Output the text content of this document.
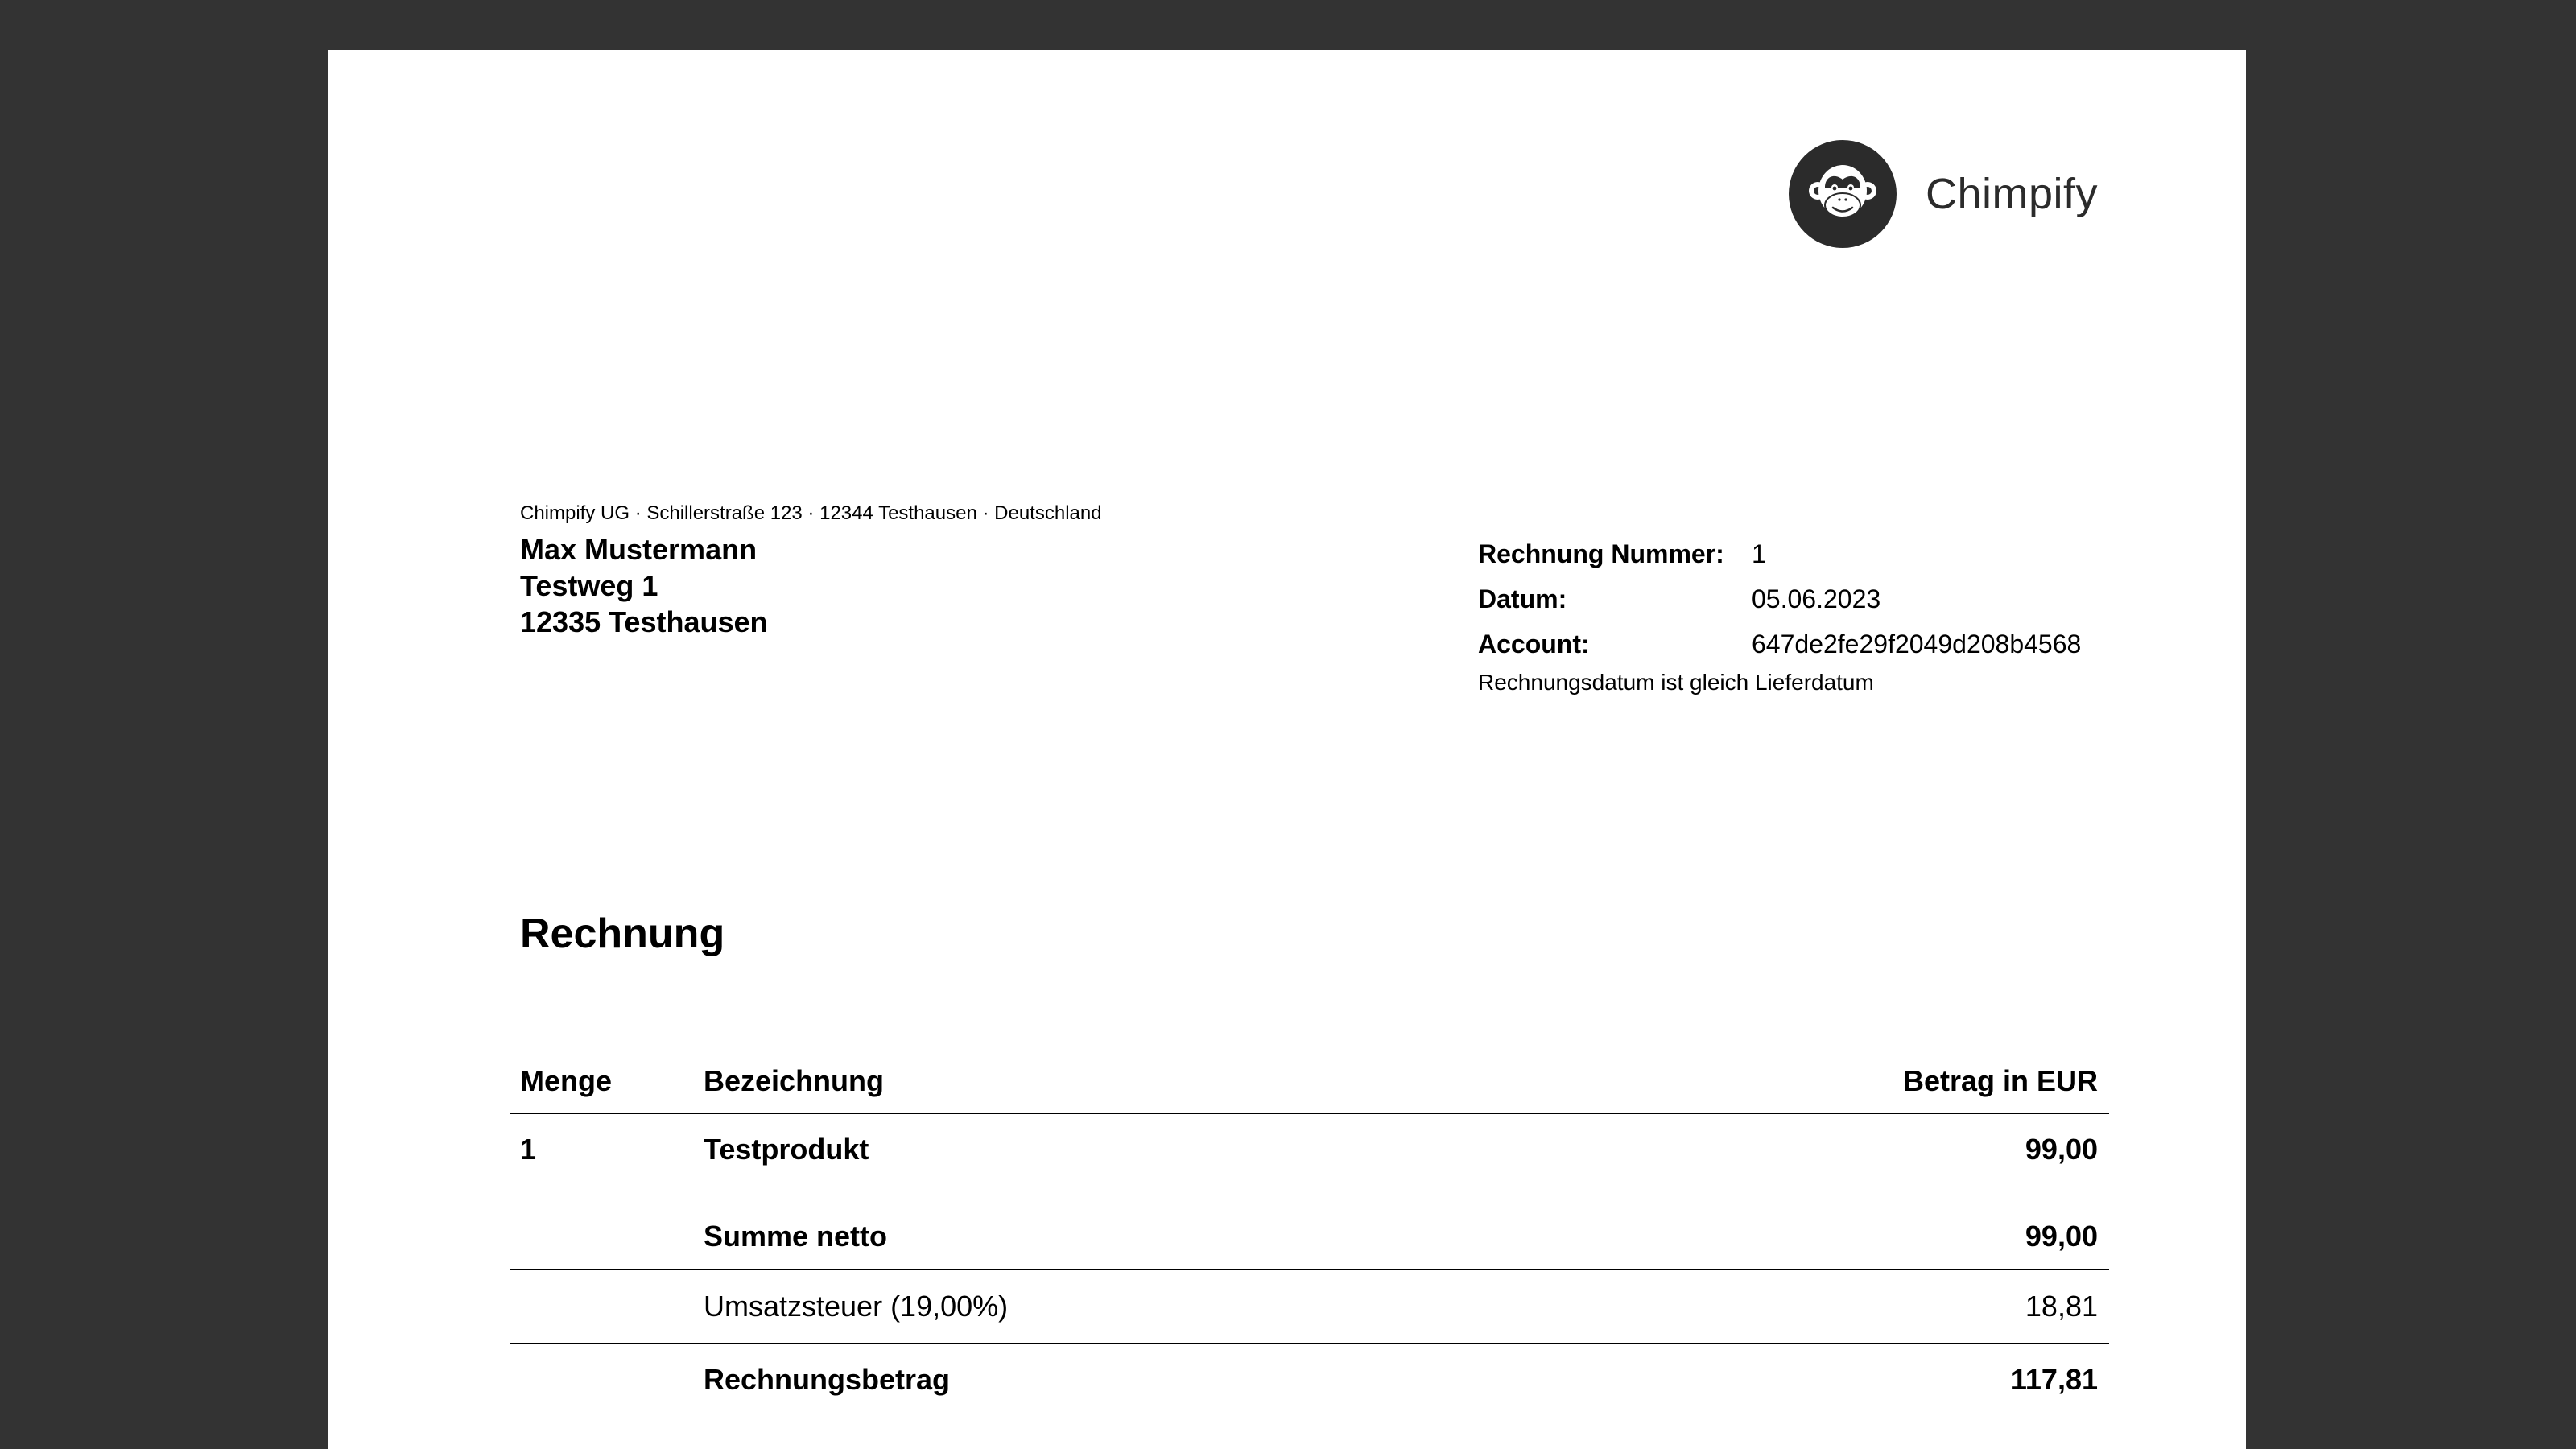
Chimpify
Chimpify UG · Schillerstraße 123 · 12344 Testhausen · Deutschland
Max Mustermann
Testweg 1
12335 Testhausen
Rechnung Nummer:	1
Datum:	05.06.2023
Account:	647de2fe29f2049d208b4568
Rechnungsdatum ist gleich Lieferdatum
Rechnung
Menge	Bezeichnung	Betrag in EUR
1	Testprodukt	99,00
Summe netto	99,00
Umsatzsteuer (19,00%)	18,81
Rechnungsbetrag	117,81
